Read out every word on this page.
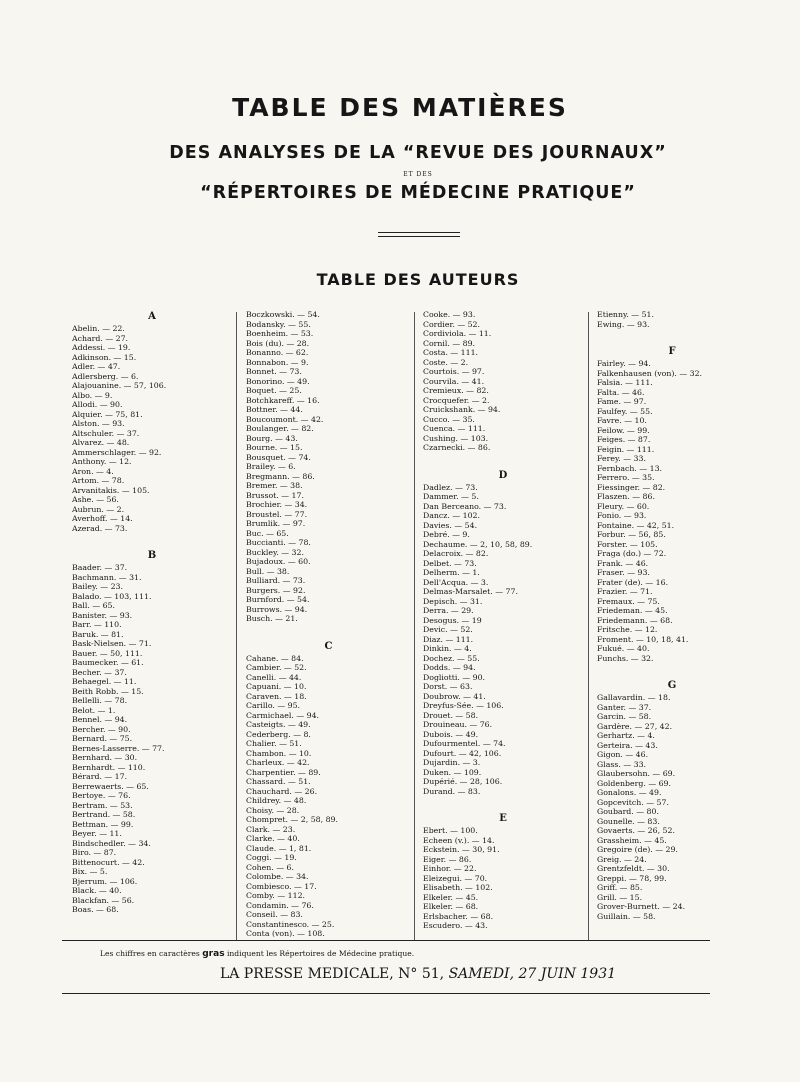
TABLE DES MATIÈRES
DES ANALYSES DE LA “REVUE DES JOURNAUX”
ET DES
“RÉPERTOIRES DE MÉDECINE PRATIQUE”
TABLE DES AUTEURS
A
Abelin. — 22.
Achard. — 27.
Addessi. — 19.
Adkinson. — 15.
Adler. — 47.
Adlersberg. — 6.
Alajouanine. — 57, 106.
Albo. — 9.
Allodi. — 90.
Alquier. — 75, 81.
Alston. — 93.
Altschuler. — 37.
Alvarez. — 48.
Ammerschlager. — 92.
Anthony. — 12.
Aron. — 4.
Artom. — 78.
Arvanitakis. — 105.
Ashe. — 56.
Aubrun. — 2.
Averhoff. — 14.
Azerad. — 73.
B
Baader. — 37.
Bachmann. — 31.
Bailey. — 23.
Balado. — 103, 111.
Ball. — 65.
Banister. — 93.
Barr. — 110.
Baruk. — 81.
Bask-Nielsen. — 71.
Bauer. — 50, 111.
Baumecker. — 61.
Becher. — 37.
Behaegel. — 11.
Beith Robb. — 15.
Bellelli. — 78.
Belot. — 1.
Bennel. — 94.
Bercher. — 90.
Bernard. — 75.
Bernes-Lasserre. — 77.
Bernhard. — 30.
Bernhardt. — 110.
Bérard. — 17.
Berrewaerts. — 65.
Bertoye. — 76.
Bertram. — 53.
Bertrand. — 58.
Bettman. — 99.
Beyer. — 11.
Bindschedler. — 34.
Biro. — 87.
Bittenocurt. — 42.
Bix. — 5.
Bjerrum. — 106.
Black. — 40.
Blackfan. — 56.
Boas. — 68.
Boczkowski. — 54.
Bodansky. — 55.
Boenheim. — 53.
Bois (du). — 28.
Bonanno. — 62.
Bonnabon. — 9.
Bonnet. — 73.
Bonorino. — 49.
Boquet. — 25.
Botchkareff. — 16.
Bottner. — 44.
Boucoumont. — 42.
Boulanger. — 82.
Bourg. — 43.
Bourne. — 15.
Bousquet. — 74.
Brailey. — 6.
Bregmann. — 86.
Bremer. — 38.
Brussot. — 17.
Brochier. — 34.
Broustel. — 77.
Brumlik. — 97.
Buc. — 65.
Buccianti. — 78.
Buckley. — 32.
Bujadoux. — 60.
Bull. — 38.
Bulliard. — 73.
Burgers. — 92.
Burnford. — 54.
Burrows. — 94.
Busch. — 21.
C
Cahane. — 84.
Cambier. — 52.
Canelli. — 44.
Capuani. — 10.
Caraven. — 18.
Carillo. — 95.
Carmichael. — 94.
Casteigts. — 49.
Cederberg. — 8.
Chalier. — 51.
Chambon. — 10.
Charleux. — 42.
Charpentier. — 89.
Chassard. — 51.
Chauchard. — 26.
Childrey. — 48.
Choisy. — 28.
Chompret. — 2, 58, 89.
Clark. — 23.
Clarke. — 40.
Claude. — 1, 81.
Coggi. — 19.
Cohen. — 6.
Colombe. — 34.
Combiesco. — 17.
Comby. — 112.
Condamin. — 76.
Conseil. — 83.
Constantinesco. — 25.
Conta (von). — 108.
Cooke. — 93.
Cordier. — 52.
Cordiviola. — 11.
Cornil. — 89.
Costa. — 111.
Coste. — 2.
Courtois. — 97.
Courvila. — 41.
Cremieux. — 82.
Crocquefer. — 2.
Cruickshank. — 94.
Cucco. — 35.
Cuenca. — 111.
Cushing. — 103.
Czarnecki. — 86.
D
Dadlez. — 73.
Dammer. — 5.
Dan Berceano. — 73.
Dancz. — 102.
Davies. — 54.
Debré. — 9.
Dechaume. — 2, 10, 58, 89.
Delacroix. — 82.
Delbet. — 73.
Delherm. — 1.
Dell'Acqua. — 3.
Delmas-Marsalet. — 77.
Depisch. — 31.
Derra. — 29.
Desogus. — 19
Devic. — 52.
Diaz. — 111.
Dinkin. — 4.
Dochez. — 55.
Dodds. — 94.
Dogliotti. — 90.
Dorst. — 63.
Doubrow. — 41.
Dreyfus-Sée. — 106.
Drouet. — 58.
Drouineau. — 76.
Dubois. — 49.
Dufourmentel. — 74.
Dufourt. — 42, 106.
Dujardin. — 3.
Duken. — 109.
Dupérié. — 28, 106.
Durand. — 83.
E
Ebert. — 100.
Echeen (v.). — 14.
Eckstein. — 30, 91.
Eiger. — 86.
Einhor. — 22.
Eleizegui. — 70.
Elisabeth. — 102.
Elkeler. — 45.
Elkeler. — 68.
Erlsbacher. — 68.
Escudero. — 43.
Etienny. — 51.
Ewing. — 93.
F
Fairley. — 94.
Falkenhausen (von). — 32.
Falsia. — 111.
Falta. — 46.
Fame. — 97.
Faulfey. — 55.
Favre. — 10.
Feilow. — 99.
Feiges. — 87.
Feigin. — 111.
Ferey. — 33.
Fernbach. — 13.
Ferrero. — 35.
Fiessinger. — 82.
Flaszen. — 86.
Fleury. — 60.
Fonio. — 93.
Fontaine. — 42, 51.
Forbur. — 56, 85.
Forster. — 105.
Fraga (do.) — 72.
Frank. — 46.
Fraser. — 93.
Frater (de). — 16.
Frazier. — 71.
Fremaux. — 75.
Friedeman. — 45.
Friedemann. — 68.
Fritsche. — 12.
Froment. — 10, 18, 41.
Fukué. — 40.
Funchs. — 32.
G
Gallavardin. — 18.
Ganter. — 37.
Garcin. — 58.
Gardère. — 27, 42.
Gerhartz. — 4.
Gerteira. — 43.
Gigon. — 46.
Glass. — 33.
Glaubersohn. — 69.
Goldenberg. — 69.
Gonalons. — 49.
Gopcevitch. — 57.
Goubard. — 80.
Gounelle. — 83.
Govaerts. — 26, 52.
Grassheim. — 45.
Gregoire (de). — 29.
Greig. — 24.
Grentzfeldt. — 30.
Greppi. — 78, 99.
Griff. — 85.
Grill. — 15.
Grover-Burnett. — 24.
Guillain. — 58.
Les chiffres en caractères gras indiquent les Répertoires de Médecine pratique.
LA PRESSE MEDICALE, N° 51, SAMEDI, 27 JUIN 1931
